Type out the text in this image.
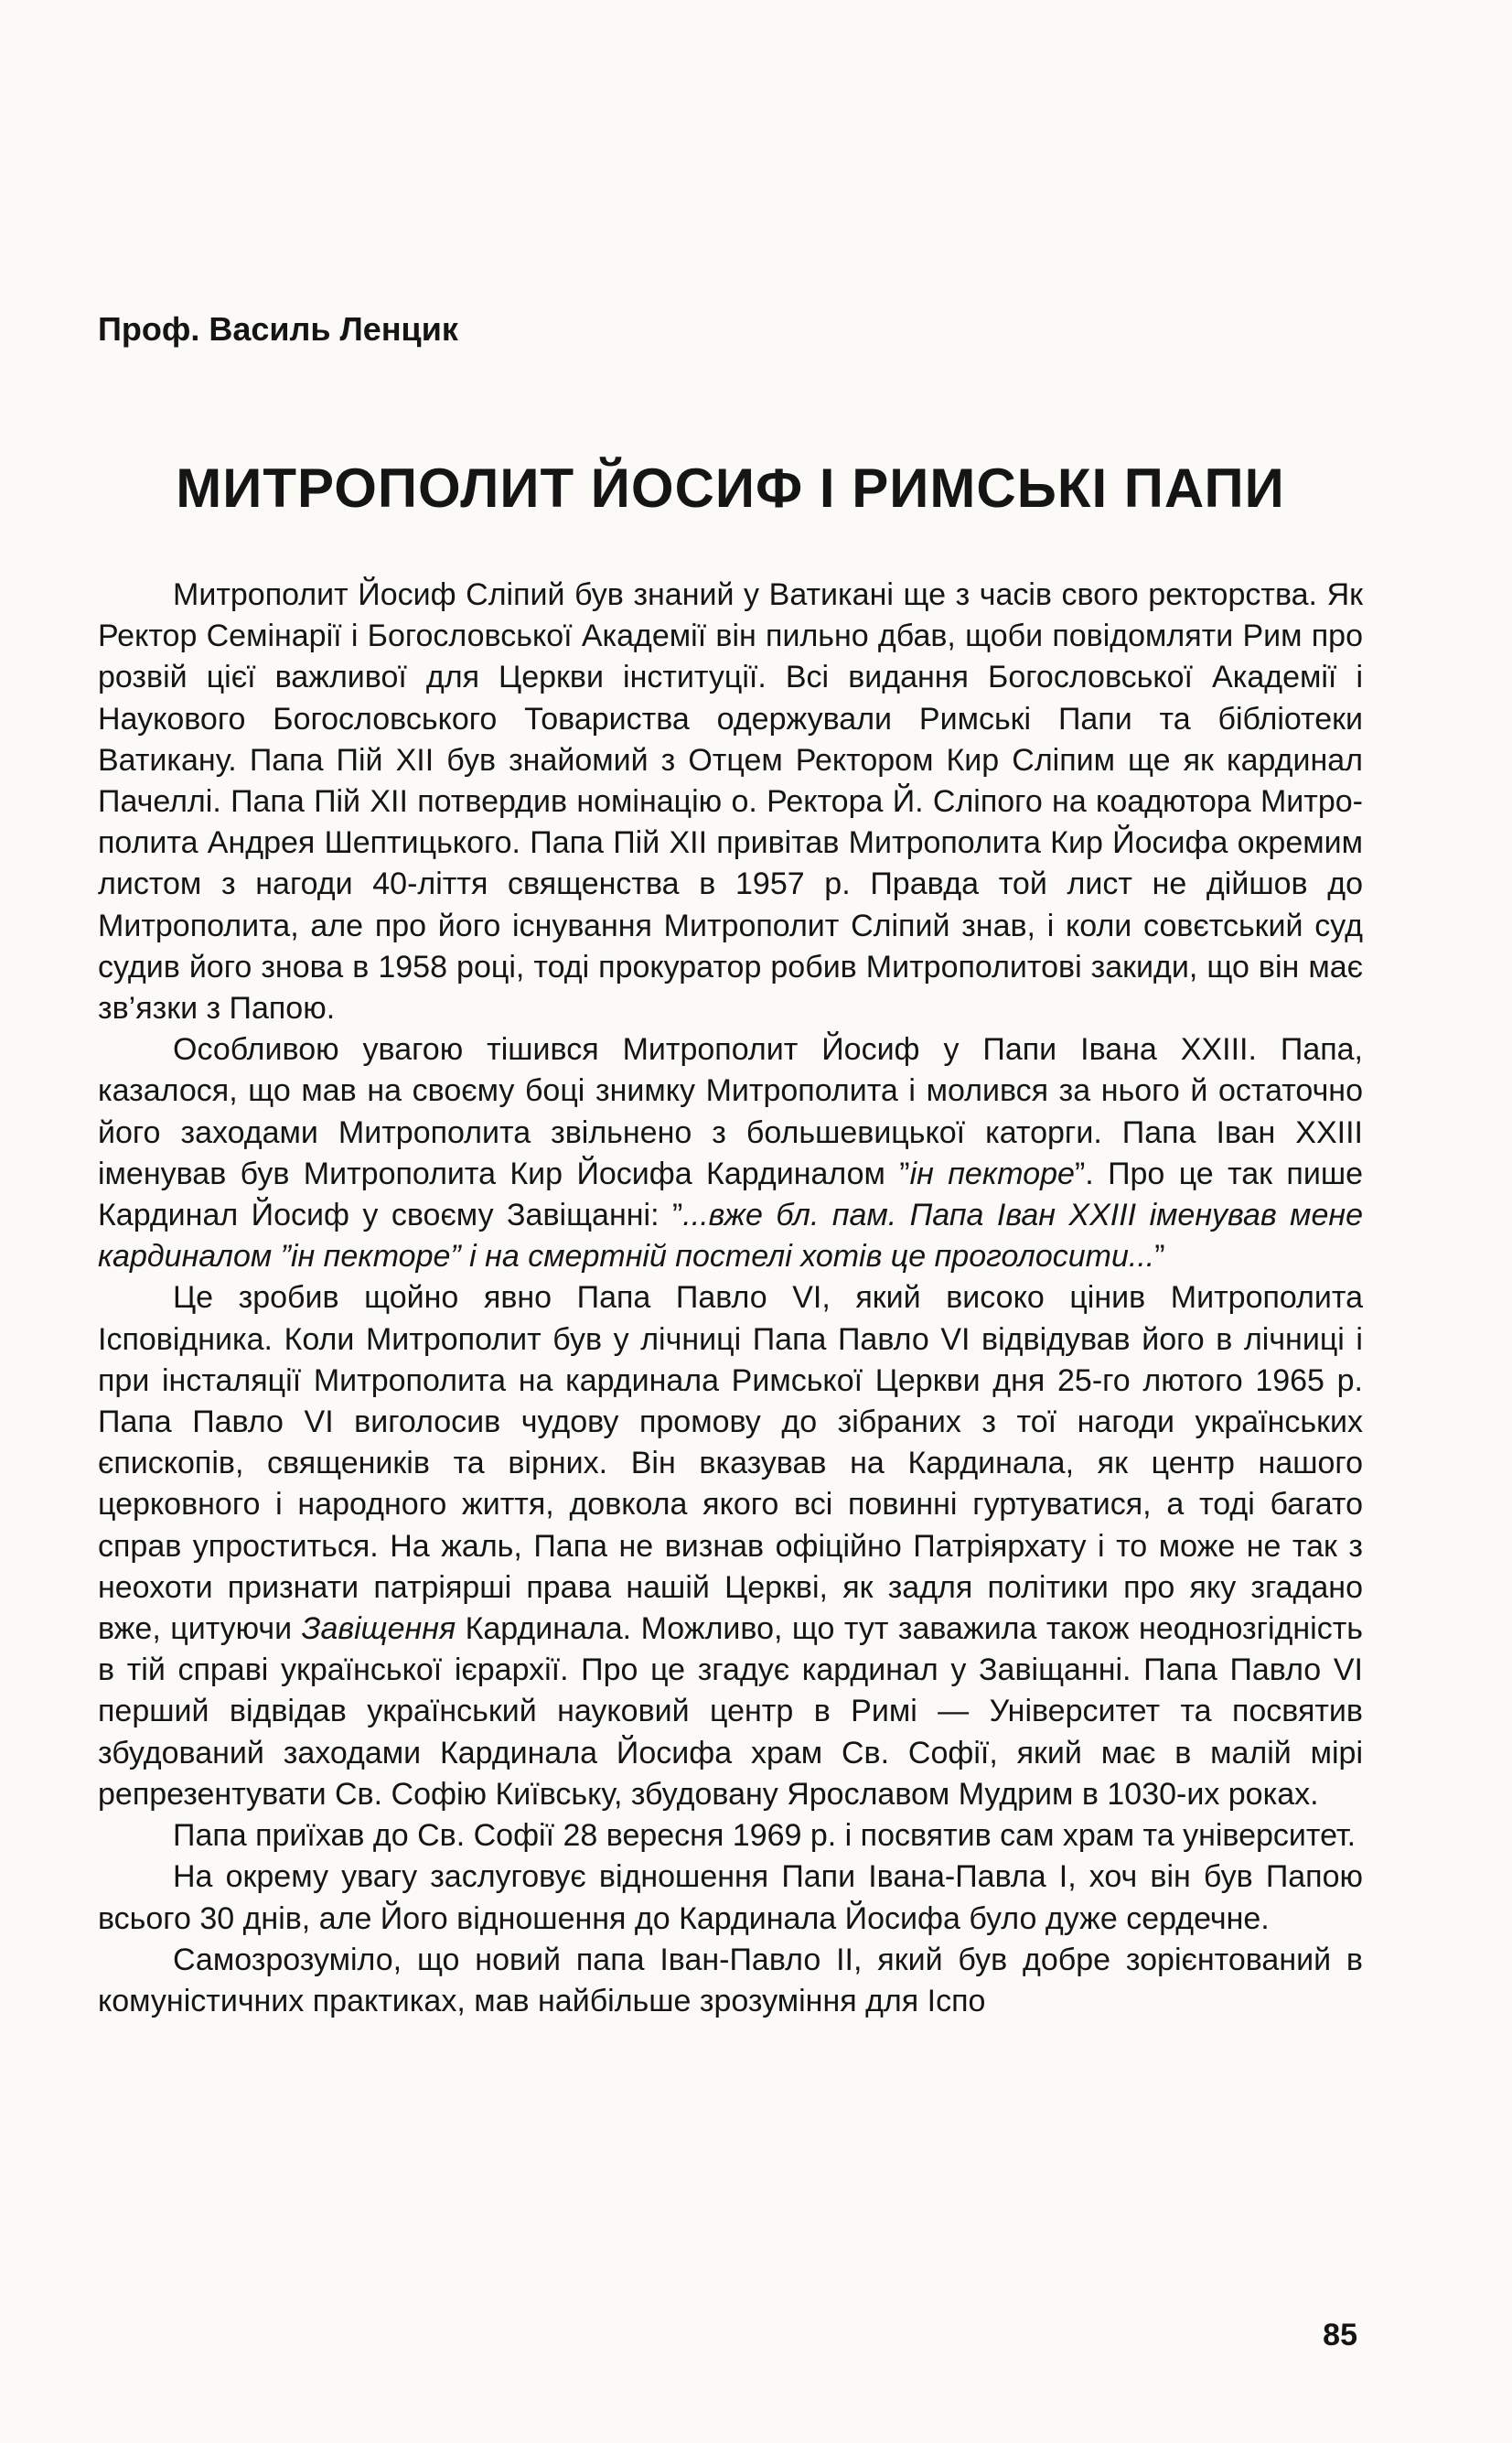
Проф. Василь Ленцик

МИТРОПОЛИТ ЙОСИФ І РИМСЬКІ ПАПИ

Митрополит Йосиф Сліпий був знаний у Ватикані ще з часів свого ректорства. Як Ректор Семінарії і Богословської Академії він пильно дбав, щоби повідомляти Рим про розвій цієї важливої для Церкви інституції. Всі видання Богословської Академії і Наукового Богословського Товариства одержували Римські Папи та бібліотеки Ватикану. Папа Пій XII був знайомий з Отцем Ректором Кир Сліпим ще як кардинал Пачеллі. Папа Пій XII потвердив номінацію о. Ректора Й. Сліпого на коадютора Митрополита Андрея Шептицького. Папа Пій XII привітав Митрополита Кир Йосифа окремим листом з нагоди 40-ліття священства в 1957 р. Правда той лист не дійшов до Митрополита, але про його існування Митрополит Сліпий знав, і коли совєтський суд судив його знова в 1958 році, тоді прокуратор робив Митрополитові закиди, що він має зв’язки з Папою.

Особливою увагою тішився Митрополит Йосиф у Папи Івана XXIII. Папа, казалося, що мав на своєму боці знимку Митрополита і молився за нього й остаточно його заходами Митрополита звільнено з большевицької каторги. Папа Іван XXIII іменував був Митрополита Кир Йосифа Кардиналом ”ін пекторе”. Про це так пише Кардинал Йосиф у своєму Завіщанні: ”...вже бл. пам. Папа Іван XXIII іменував мене кардиналом ”ін пекторе” і на смертній постелі хотів це проголосити...”

Це зробив щойно явно Папа Павло VI, який високо цінив Митрополита Ісповідника. Коли Митрополит був у лічниці Папа Павло VI відвідував його в лічниці і при інсталяції Митрополита на кардинала Римської Церкви дня 25-го лютого 1965 р. Папа Павло VI виголосив чудову промову до зібраних з тої нагоди українських єпископів, священиків та вірних. Він вказував на Кардинала, як центр нашого церковного і народного життя, довкола якого всі повинні гуртуватися, а тоді багато справ упроститься. На жаль, Папа не визнав офіційно Патріярхату і то може не так з неохоти признати патріярші права нашій Церкві, як задля політики про яку згадано вже, цитуючи Завіщення Кардинала. Можливо, що тут заважила також неоднозгідність в тій справі української ієрархії. Про це згадує кардинал у Завіщанні. Папа Павло VI перший відвідав український науковий центр в Римі — Університет та посвятив збудований заходами Кардинала Йосифа храм Св. Софії, який має в малій мірі репрезентувати Св. Софію Київську, збудовану Ярославом Мудрим в 1030-их роках.

Папа приїхав до Св. Софії 28 вересня 1969 р. і посвятив сам храм та університет.

На окрему увагу заслуговує відношення Папи Івана-Павла І, хоч він був Папою всього 30 днів, але Його відношення до Кардинала Йосифа було дуже сердечне.

Самозрозуміло, що новий папа Іван-Павло II, який був добре зорієнтований в комуністичних практиках, мав найбільше зрозуміння для Іспо

85
